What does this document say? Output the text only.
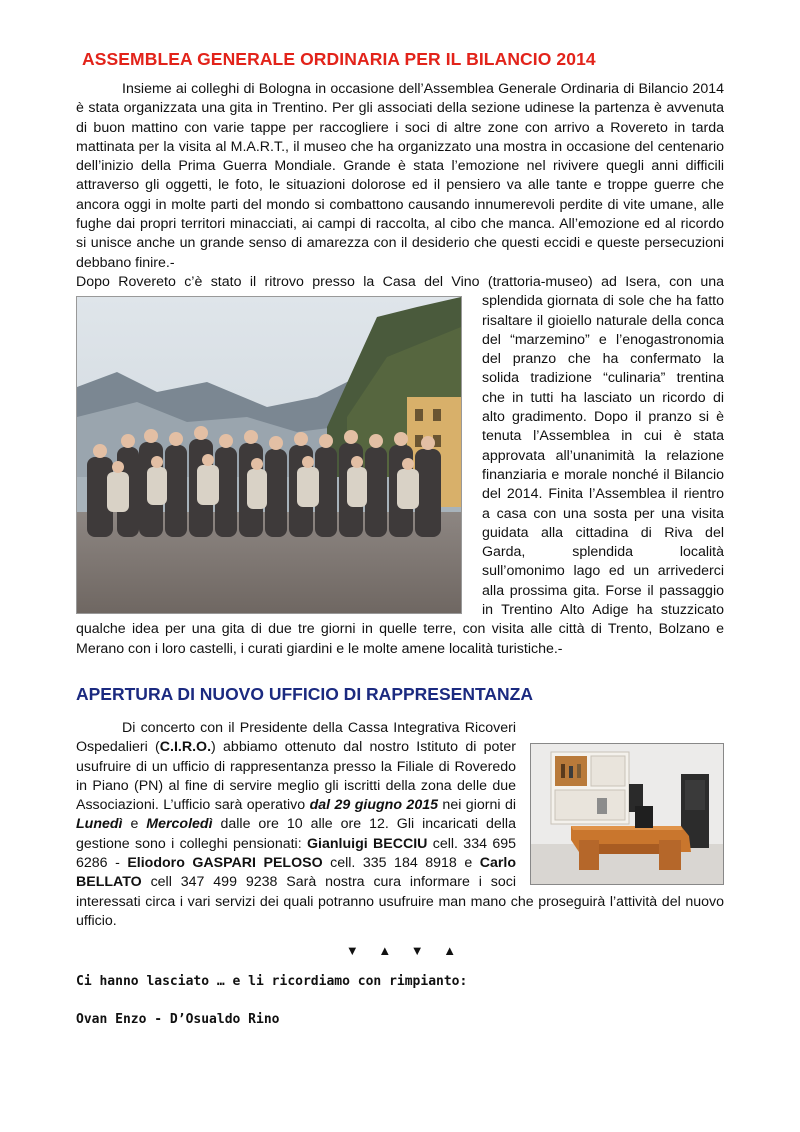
ASSEMBLEA GENERALE ORDINARIA PER IL BILANCIO 2014

Insieme ai colleghi di Bologna in occasione dell’Assemblea Generale Ordinaria di Bilancio 2014 è stata organizzata una gita in Trentino. Per gli associati della sezione udinese la partenza è avvenuta di buon mattino con varie tappe per raccogliere i soci di altre zone con arrivo a Rovereto in tarda mattinata per la visita al M.A.R.T., il museo che ha organizzato una mostra in occasione del centenario dell’inizio della Prima Guerra Mondiale. Grande è stata l’emozione nel rivivere quegli anni difficili attraverso gli oggetti, le foto, le situazioni dolorose ed il pensiero va alle tante e troppe guerre che ancora oggi in molte parti del mondo si combattono causando innumerevoli perdite di vite umane, alle fughe dai propri territori minacciati, ai campi di raccolta, al cibo che manca. All’emozione ed al ricordo si unisce anche un grande senso di amarezza con il desiderio che questi eccidi e queste persecuzioni debbano finire.-

Dopo Rovereto c’è stato il ritrovo presso la Casa del Vino (trattoria-museo) ad Isera, con una

splendida giornata di sole che ha fatto risaltare il gioiello naturale della conca del “marzemino” e l’enogastronomia del pranzo che ha confermato la solida tradizione “culinaria” trentina che in tutti ha lasciato un ricordo di alto gradimento. Dopo il pranzo si è tenuta l’Assemblea in cui è stata approvata all’unanimità la relazione finanziaria e morale nonché il Bilancio del 2014. Finita l’Assemblea il rientro a casa con una sosta per una visita guidata alla cittadina di Riva del Garda, splendida località sull’omonimo lago ed un arrivederci alla prossima gita. Forse il passaggio in Trentino Alto Adige ha stuzzicato qualche idea per una gita di due tre giorni in quelle terre, con visita alle città di Trento, Bolzano e Merano con i loro castelli, i curati giardini e le molte amene località turistiche.-

APERTURA DI NUOVO UFFICIO DI RAPPRESENTANZA

Di concerto con il Presidente della Cassa Integrativa Ricoveri Ospedalieri (C.I.R.O.) abbiamo ottenuto dal nostro Istituto di poter usufruire di un ufficio di rappresentanza presso la Filiale di Roveredo in Piano (PN) al fine di servire meglio gli iscritti della zona delle due Associazioni. L’ufficio sarà operativo dal 29 giugno 2015 nei giorni di Lunedì e Mercoledì dalle ore 10 alle ore 12. Gli incaricati della gestione sono i colleghi pensionati: Gianluigi BECCIU cell. 334 695 6286 - Eliodoro GASPARI PELOSO cell. 335 184 8918 e Carlo BELLATO cell 347 499 9238 Sarà nostra cura informare i soci interessati circa i vari servizi dei quali potranno usufruire man mano che proseguirà l’attività del nuovo ufficio.

▼ ▲ ▼ ▲
Ci hanno lasciato … e li ricordiamo con rimpianto:
Ovan Enzo - D’Osualdo Rino
